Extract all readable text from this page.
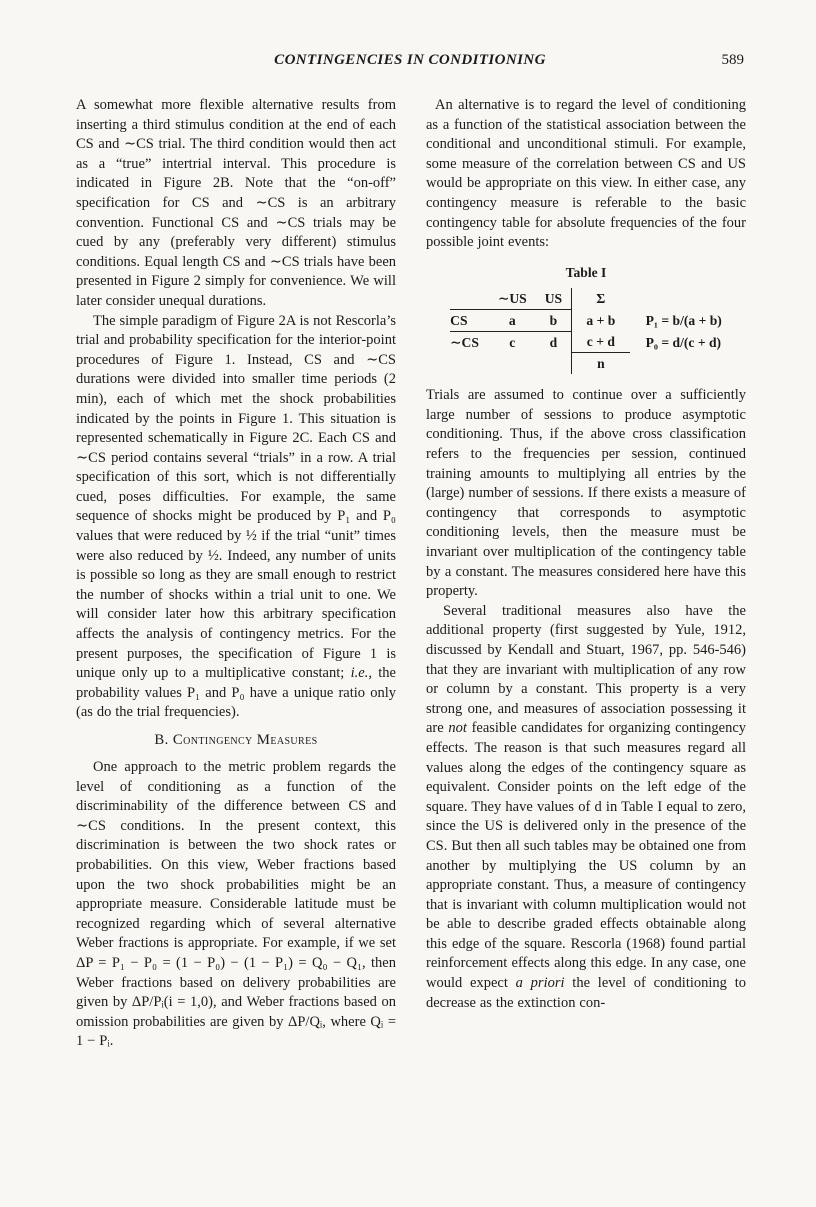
CONTINGENCIES IN CONDITIONING	589

A somewhat more flexible alternative results from inserting a third stimulus condition at the end of each CS and ∼CS trial. The third condition would then act as a “true” intertrial interval. This procedure is indicated in Figure 2B. Note that the “on-off” specification for CS and ∼CS is an arbitrary convention. Functional CS and ∼CS trials may be cued by any (preferably very different) stimulus conditions. Equal length CS and ∼CS trials have been presented in Figure 2 simply for convenience. We will later consider unequal durations.

The simple paradigm of Figure 2A is not Rescorla’s trial and probability specification for the interior-point procedures of Figure 1. Instead, CS and ∼CS durations were divided into smaller time periods (2 min), each of which met the shock probabilities indicated by the points in Figure 1. This situation is represented schematically in Figure 2C. Each CS and ∼CS period contains several “trials” in a row. A trial specification of this sort, which is not differentially cued, poses difficulties. For example, the same sequence of shocks might be produced by P₁ and P₀ values that were reduced by ½ if the trial “unit” times were also reduced by ½. Indeed, any number of units is possible so long as they are small enough to restrict the number of shocks within a trial unit to one. We will consider later how this arbitrary specification affects the analysis of contingency metrics. For the present purposes, the specification of Figure 1 is unique only up to a multiplicative constant; i.e., the probability values P₁ and P₀ have a unique ratio only (as do the trial frequencies).

B. Contingency Measures

One approach to the metric problem regards the level of conditioning as a function of the discriminability of the difference between CS and ∼CS conditions. In the present context, this discrimination is between the two shock rates or probabilities. On this view, Weber fractions based upon the two shock probabilities might be an appropriate measure. Considerable latitude must be recognized regarding which of several alternative Weber fractions is appropriate. For example, if we set ΔP = P₁ − P₀ = (1 − P₀) − (1 − P₁) = Q₀ − Q₁, then Weber fractions based on delivery probabilities are given by ΔP/Pᵢ(i = 1,0), and Weber fractions based on omission probabilities are given by ΔP/Qᵢ, where Qᵢ = 1 − Pᵢ.

An alternative is to regard the level of conditioning as a function of the statistical association between the conditional and unconditional stimuli. For example, some measure of the correlation between CS and US would be appropriate on this view. In either case, any contingency measure is referable to the basic contingency table for absolute frequencies of the four possible joint events:

Table I
	∼US	US	Σ	
CS	a	b	a + b	P₁ = b/(a + b)
∼CS	c	d	c + d	P₀ = d/(c + d)
			n	

Trials are assumed to continue over a sufficiently large number of sessions to produce asymptotic conditioning. Thus, if the above cross classification refers to the frequencies per session, continued training amounts to multiplying all entries by the (large) number of sessions. If there exists a measure of contingency that corresponds to asymptotic conditioning levels, then the measure must be invariant over multiplication of the contingency table by a constant. The measures considered here have this property.

Several traditional measures also have the additional property (first suggested by Yule, 1912, discussed by Kendall and Stuart, 1967, pp. 546-546) that they are invariant with multiplication of any row or column by a constant. This property is a very strong one, and measures of association possessing it are not feasible candidates for organizing contingency effects. The reason is that such measures regard all values along the edges of the contingency square as equivalent. Consider points on the left edge of the square. They have values of d in Table I equal to zero, since the US is delivered only in the presence of the CS. But then all such tables may be obtained one from another by multiplying the US column by an appropriate constant. Thus, a measure of contingency that is invariant with column multiplication would not be able to describe graded effects obtainable along this edge of the square. Rescorla (1968) found partial reinforcement effects along this edge. In any case, one would expect a priori the level of conditioning to decrease as the extinction con-
